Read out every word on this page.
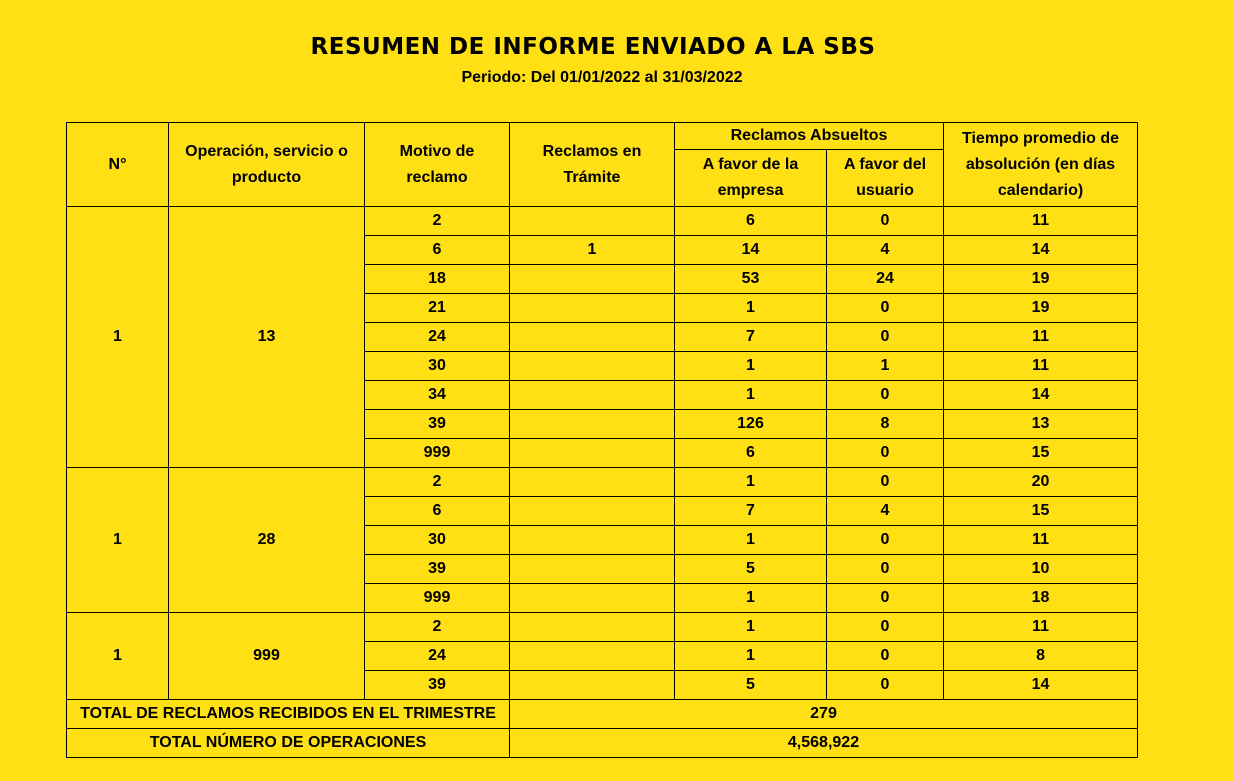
RESUMEN DE INFORME ENVIADO A LA SBS
Periodo: Del 01/01/2022 al 31/03/2022
N°	Operación, servicio o producto	Motivo de reclamo	Reclamos en Trámite	Reclamos Absueltos		Tiempo promedio de absolución (en días calendario)
				A favor de la empresa	A favor del usuario	
1	13	2		6	0	11
		6	1	14	4	14
		18		53	24	19
		21		1	0	19
		24		7	0	11
		30		1	1	11
		34		1	0	14
		39		126	8	13
		999		6	0	15
1	28	2		1	0	20
		6		7	4	15
		30		1	0	11
		39		5	0	10
		999		1	0	18
1	999	2		1	0	11
		24		1	0	8
		39		5	0	14
TOTAL DE RECLAMOS RECIBIDOS EN EL TRIMESTRE			279			
TOTAL NÚMERO DE OPERACIONES			4,568,922			
